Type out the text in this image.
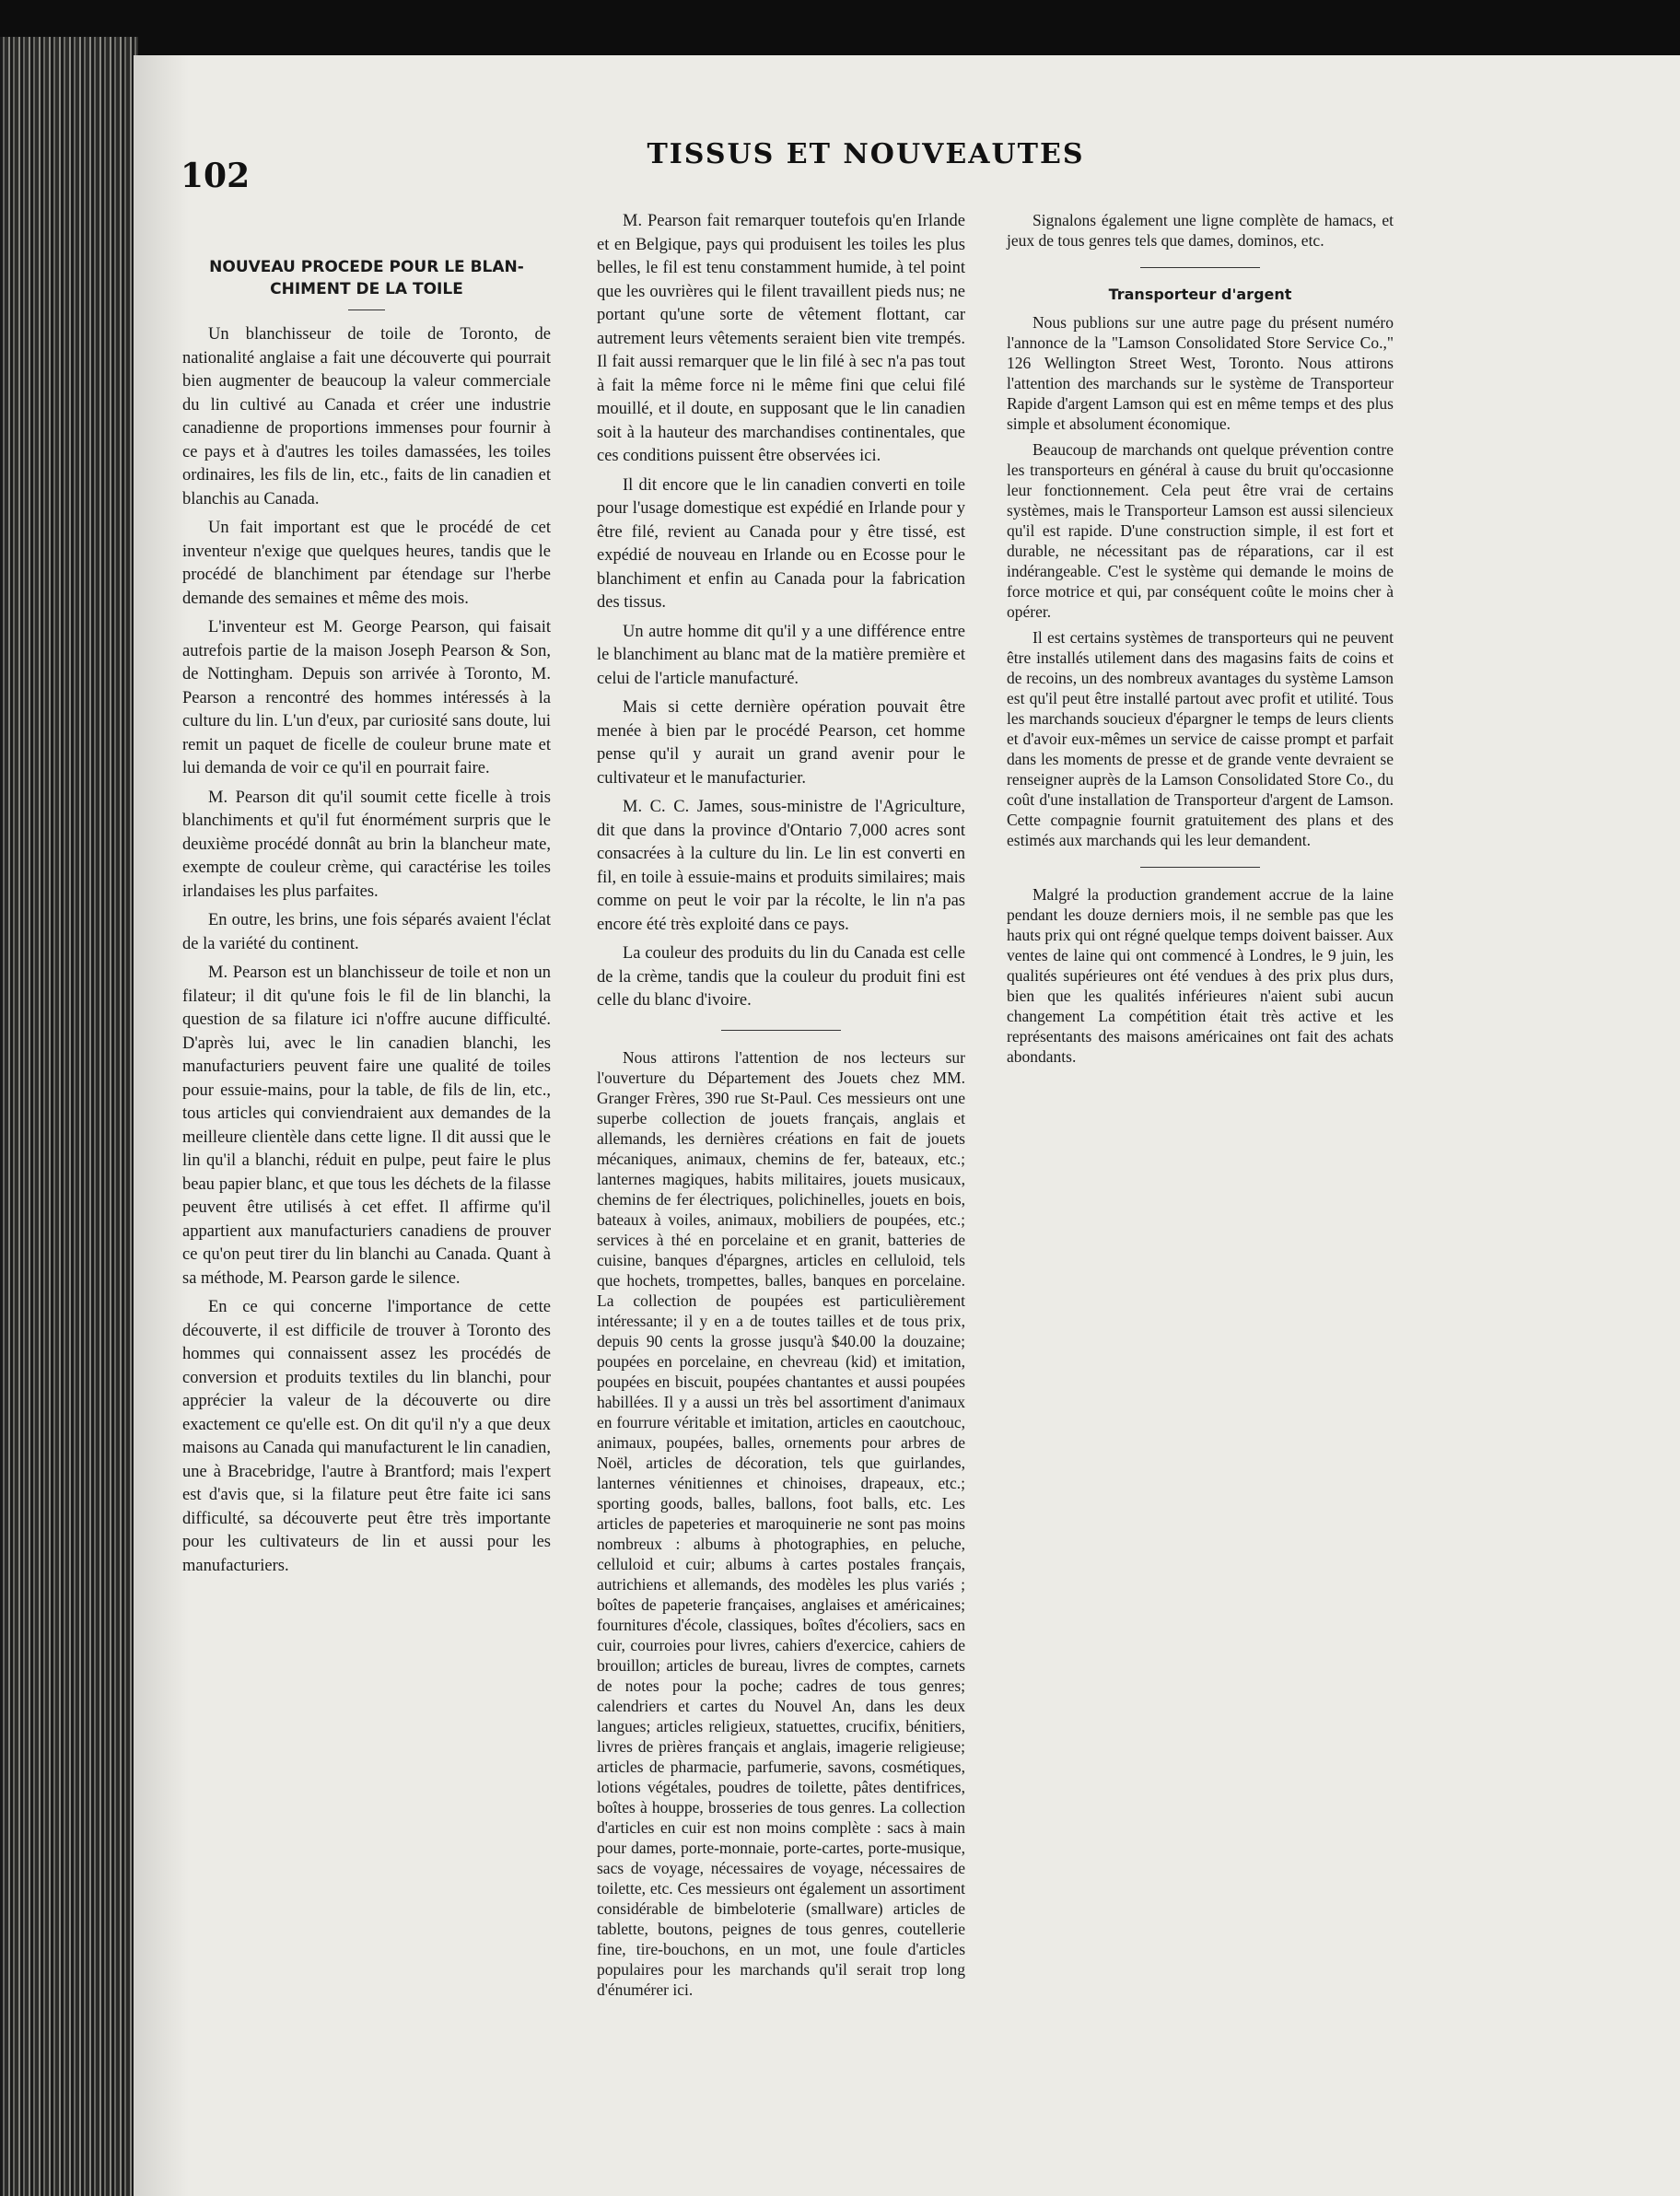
102
TISSUS ET NOUVEAUTES
NOUVEAU PROCEDE POUR LE BLAN-CHIMENT DE LA TOILE

Un blanchisseur de toile de Toronto, de nationalité anglaise a fait une découverte qui pourrait bien augmenter de beaucoup la valeur commerciale du lin cultivé au Canada et créer une industrie canadienne de proportions immenses pour fournir à ce pays et à d'autres les toiles damassées, les toiles ordinaires, les fils de lin, etc., faits de lin canadien et blanchis au Canada.

Un fait important est que le procédé de cet inventeur n'exige que quelques heures, tandis que le procédé de blanchiment par étendage sur l'herbe demande des semaines et même des mois.

L'inventeur est M. George Pearson, qui faisait autrefois partie de la maison Joseph Pearson & Son, de Nottingham. Depuis son arrivée à Toronto, M. Pearson a rencontré des hommes intéressés à la culture du lin. L'un d'eux, par curiosité sans doute, lui remit un paquet de ficelle de couleur brune mate et lui demanda de voir ce qu'il en pourrait faire.

M. Pearson dit qu'il soumit cette ficelle à trois blanchiments et qu'il fut énormément surpris que le deuxième procédé donnât au brin la blancheur mate, exempte de couleur crème, qui caractérise les toiles irlandaises les plus parfaites.

En outre, les brins, une fois séparés avaient l'éclat de la variété du continent.

M. Pearson est un blanchisseur de toile et non un filateur; il dit qu'une fois le fil de lin blanchi, la question de sa filature ici n'offre aucune difficulté. D'après lui, avec le lin canadien blanchi, les manufacturiers peuvent faire une qualité de toiles pour essuie-mains, pour la table, de fils de lin, etc., tous articles qui conviendraient aux demandes de la meilleure clientèle dans cette ligne. Il dit aussi que le lin qu'il a blanchi, réduit en pulpe, peut faire le plus beau papier blanc, et que tous les déchets de la filasse peuvent être utilisés à cet effet. Il affirme qu'il appartient aux manufacturiers canadiens de prouver ce qu'on peut tirer du lin blanchi au Canada. Quant à sa méthode, M. Pearson garde le silence.

En ce qui concerne l'importance de cette découverte, il est difficile de trouver à Toronto des hommes qui connaissent assez les procédés de conversion et produits textiles du lin blanchi, pour apprécier la valeur de la découverte ou dire exactement ce qu'elle est. On dit qu'il n'y a que deux maisons au Canada qui manufacturent le lin canadien, une à Bracebridge, l'autre à Brantford; mais l'expert est d'avis que, si la filature peut être faite ici sans difficulté, sa découverte peut être très importante pour les cultivateurs de lin et aussi pour les manufacturiers.

M. Pearson fait remarquer toutefois qu'en Irlande et en Belgique, pays qui produisent les toiles les plus belles, le fil est tenu constamment humide, à tel point que les ouvrières qui le filent travaillent pieds nus; ne portant qu'une sorte de vêtement flottant, car autrement leurs vêtements seraient bien vite trempés. Il fait aussi remarquer que le lin filé à sec n'a pas tout à fait la même force ni le même fini que celui filé mouillé, et il doute, en supposant que le lin canadien soit à la hauteur des marchandises continentales, que ces conditions puissent être observées ici.

Il dit encore que le lin canadien converti en toile pour l'usage domestique est expédié en Irlande pour y être filé, revient au Canada pour y être tissé, est expédié de nouveau en Irlande ou en Ecosse pour le blanchiment et enfin au Canada pour la fabrication des tissus.

Un autre homme dit qu'il y a une différence entre le blanchiment au blanc mat de la matière première et celui de l'article manufacturé.

Mais si cette dernière opération pouvait être menée à bien par le procédé Pearson, cet homme pense qu'il y aurait un grand avenir pour le cultivateur et le manufacturier.

M. C. C. James, sous-ministre de l'Agriculture, dit que dans la province d'Ontario 7,000 acres sont consacrées à la culture du lin. Le lin est converti en fil, en toile à essuie-mains et produits similaires; mais comme on peut le voir par la récolte, le lin n'a pas encore été très exploité dans ce pays.

La couleur des produits du lin du Canada est celle de la crème, tandis que la couleur du produit fini est celle du blanc d'ivoire.

Nous attirons l'attention de nos lecteurs sur l'ouverture du Département des Jouets chez MM. Granger Frères, 390 rue St-Paul. Ces messieurs ont une superbe collection de jouets français, anglais et allemands, les dernières créations en fait de jouets mécaniques, animaux, chemins de fer, bateaux, etc.; lanternes magiques, habits militaires, jouets musicaux, chemins de fer électriques, polichinelles, jouets en bois, bateaux à voiles, animaux, mobiliers de poupées, etc.; services à thé en porcelaine et en granit, batteries de cuisine, banques d'épargnes, articles en celluloid, tels que hochets, trompettes, balles, banques en porcelaine. La collection de poupées est particulièrement intéressante; il y en a de toutes tailles et de tous prix, depuis 90 cents la grosse jusqu'à $40.00 la douzaine; poupées en porcelaine, en chevreau (kid) et imitation, poupées en biscuit, poupées chantantes et aussi poupées habillées. Il y a aussi un très bel assortiment d'animaux en fourrure véritable et imitation, articles en caoutchouc, animaux, poupées, balles, ornements pour arbres de Noël, articles de décoration, tels que guirlandes, lanternes vénitiennes et chinoises, drapeaux, etc.; sporting goods, balles, ballons, foot balls, etc. Les articles de papeteries et maroquinerie ne sont pas moins nombreux : albums à photographies, en peluche, celluloid et cuir; albums à cartes postales français, autrichiens et allemands, des modèles les plus variés ; boîtes de papeterie françaises, anglaises et américaines; fournitures d'école, classiques, boîtes d'écoliers, sacs en cuir, courroies pour livres, cahiers d'exercice, cahiers de brouillon; articles de bureau, livres de comptes, carnets de notes pour la poche; cadres de tous genres; calendriers et cartes du Nouvel An, dans les deux langues; articles religieux, statuettes, crucifix, bénitiers, livres de prières français et anglais, imagerie religieuse; articles de pharmacie, parfumerie, savons, cosmétiques, lotions végétales, poudres de toilette, pâtes dentifrices, boîtes à houppe, brosseries de tous genres. La collection d'articles en cuir est non moins complète : sacs à main pour dames, porte-monnaie, porte-cartes, porte-musique, sacs de voyage, nécessaires de voyage, nécessaires de toilette, etc. Ces messieurs ont également un assortiment considérable de bimbeloterie (smallware) articles de tablette, boutons, peignes de tous genres, coutellerie fine, tire-bouchons, en un mot, une foule d'articles populaires pour les marchands qu'il serait trop long d'énumérer ici.

Signalons également une ligne complète de hamacs, et jeux de tous genres tels que dames, dominos, etc.

Transporteur d'argent

Nous publions sur une autre page du présent numéro l'annonce de la "Lamson Consolidated Store Service Co.," 126 Wellington Street West, Toronto. Nous attirons l'attention des marchands sur le système de Transporteur Rapide d'argent Lamson qui est en même temps et des plus simple et absolument économique.

Beaucoup de marchands ont quelque prévention contre les transporteurs en général à cause du bruit qu'occasionne leur fonctionnement. Cela peut être vrai de certains systèmes, mais le Transporteur Lamson est aussi silencieux qu'il est rapide. D'une construction simple, il est fort et durable, ne nécessitant pas de réparations, car il est indérangeable. C'est le système qui demande le moins de force motrice et qui, par conséquent coûte le moins cher à opérer.

Il est certains systèmes de transporteurs qui ne peuvent être installés utilement dans des magasins faits de coins et de recoins, un des nombreux avantages du système Lamson est qu'il peut être installé partout avec profit et utilité. Tous les marchands soucieux d'épargner le temps de leurs clients et d'avoir eux-mêmes un service de caisse prompt et parfait dans les moments de presse et de grande vente devraient se renseigner auprès de la Lamson Consolidated Store Co., du coût d'une installation de Transporteur d'argent de Lamson. Cette compagnie fournit gratuitement des plans et des estimés aux marchands qui les leur demandent.

Malgré la production grandement accrue de la laine pendant les douze derniers mois, il ne semble pas que les hauts prix qui ont régné quelque temps doivent baisser. Aux ventes de laine qui ont commencé à Londres, le 9 juin, les qualités supérieures ont été vendues à des prix plus durs, bien que les qualités inférieures n'aient subi aucun changement La compétition était très active et les représentants des maisons américaines ont fait des achats abondants.
